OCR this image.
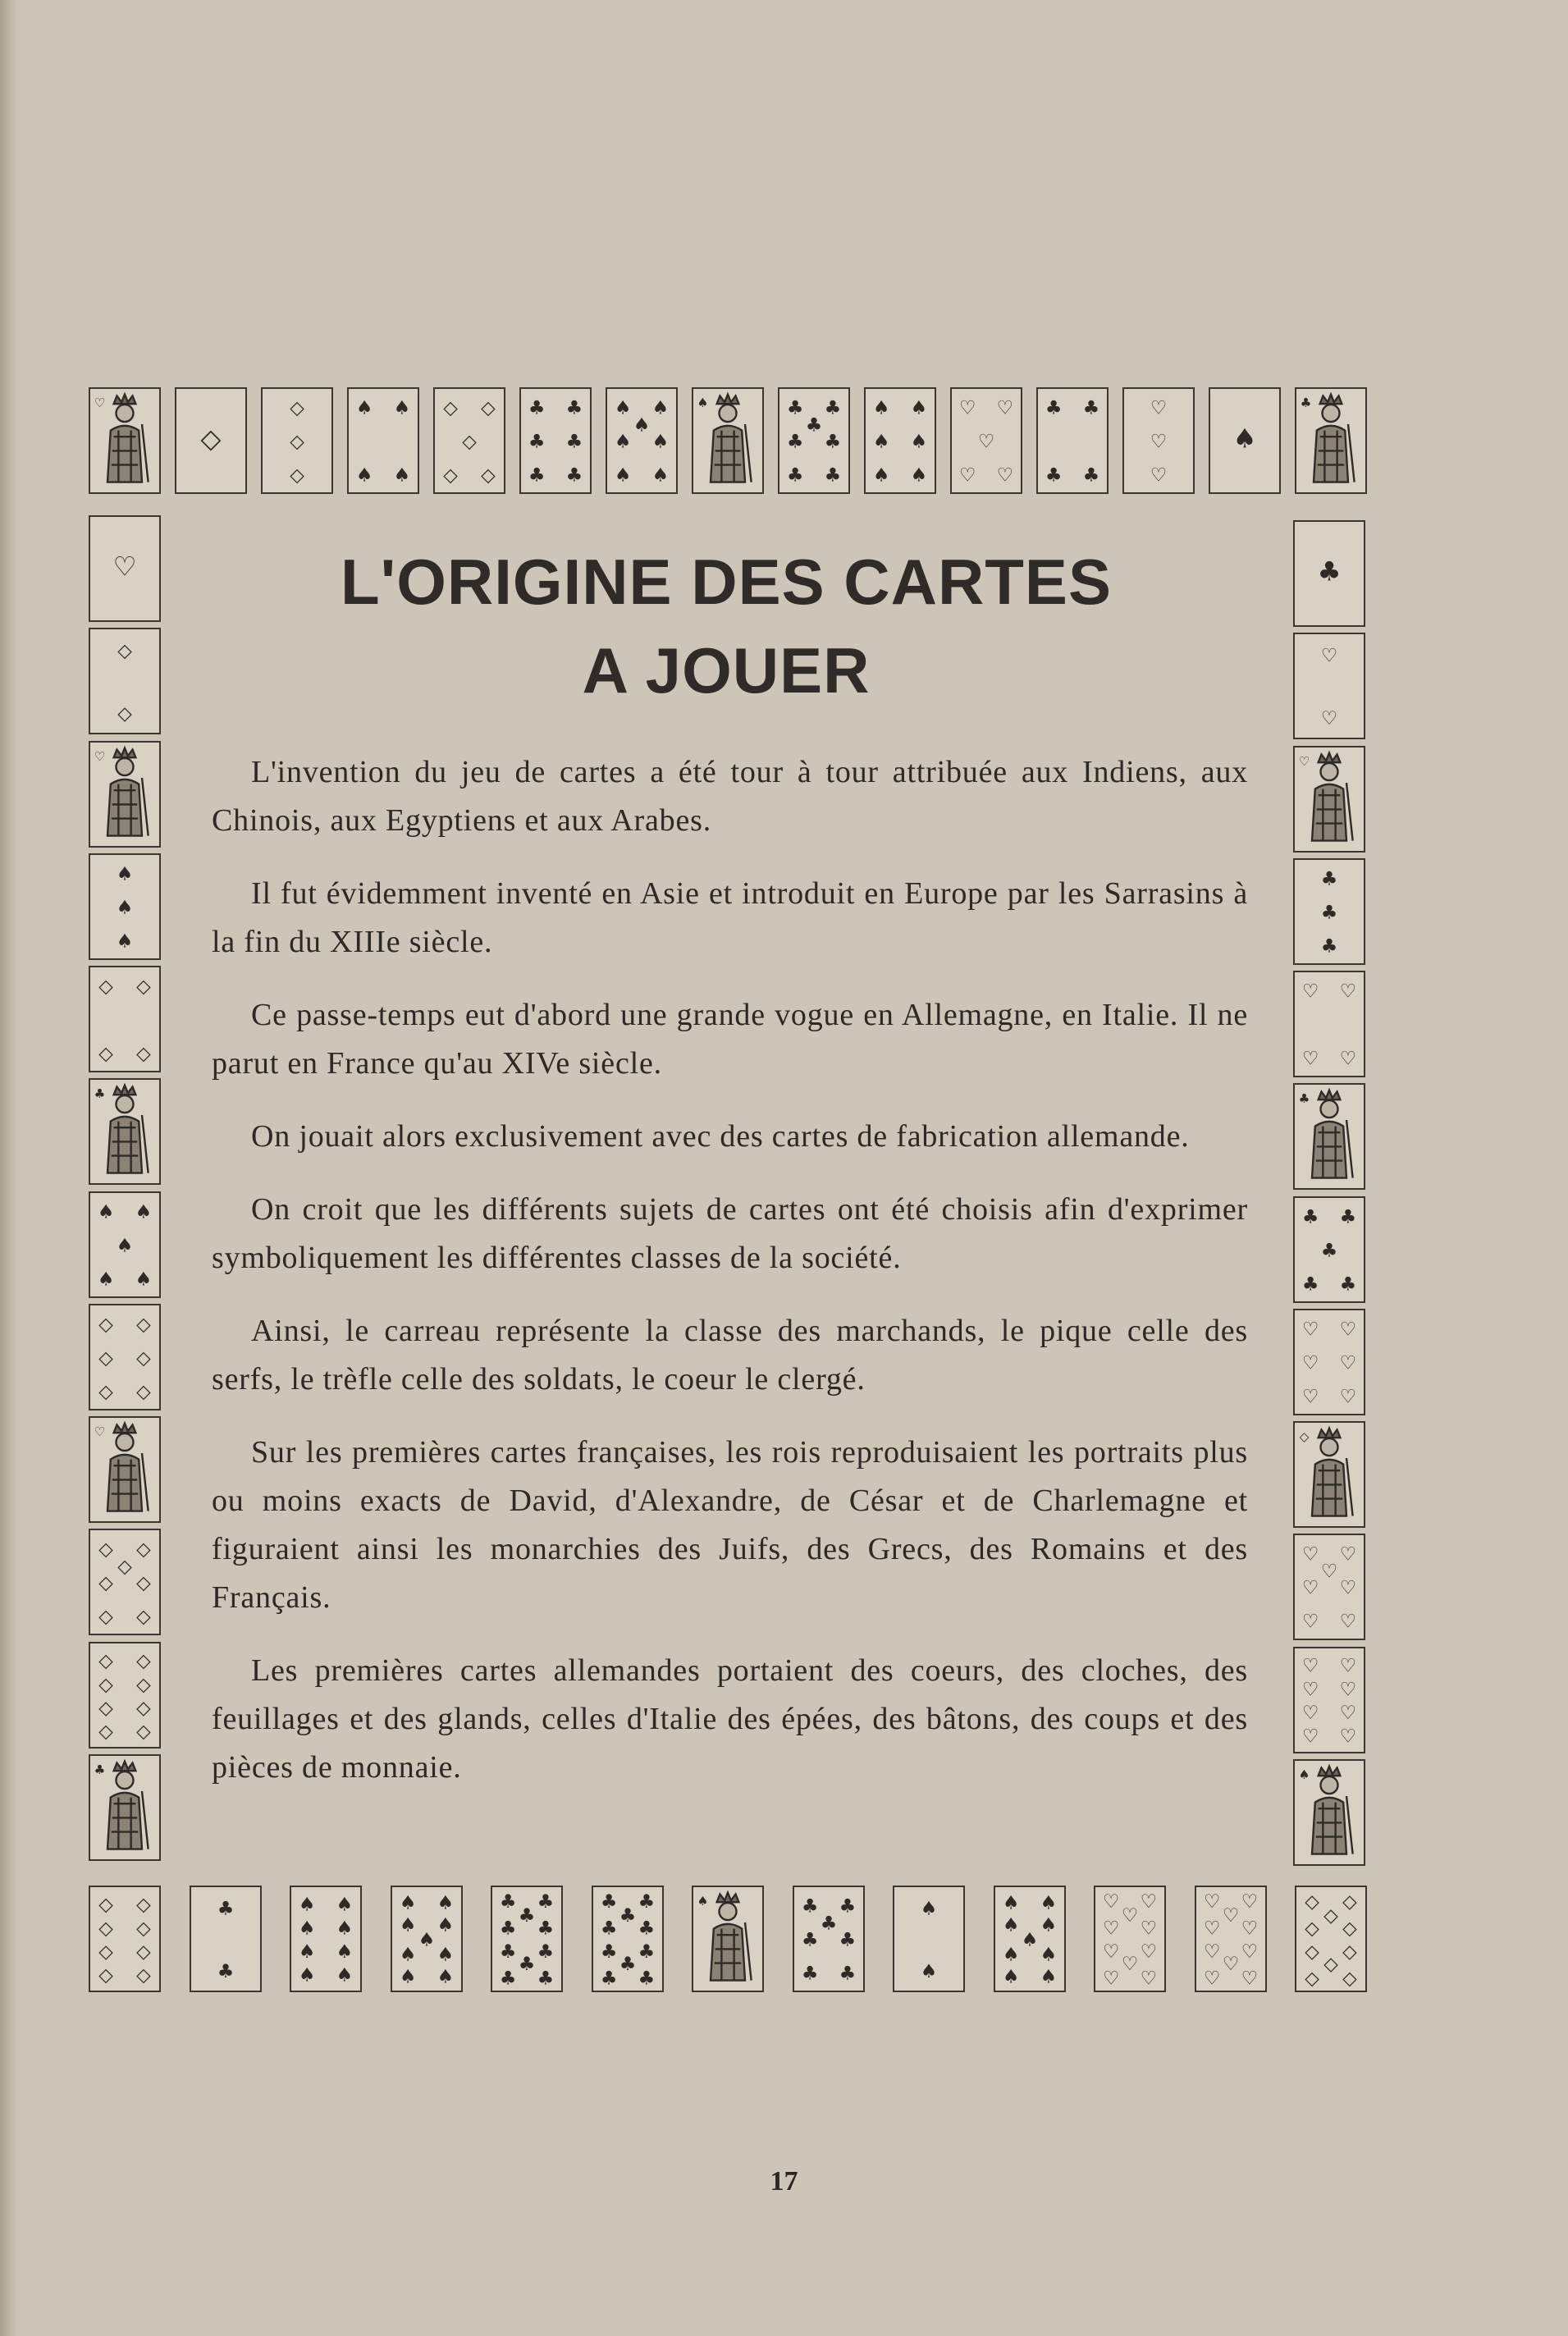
♡
◇
◇
◇
◇
♠ ♠
♠ ♠
◇ ◇
◇
◇ ◇
♣ ♣
♣ ♣
♣ ♣
♠ ♠
♠
♠ ♠
♠ ♠
♠	♣ ♣
♣
♣ ♣
♣ ♣
♠ ♠
♠ ♠
♠ ♠
♡ ♡
♡
♡ ♡
♣ ♣
♣ ♣
♡
♡
♡
♠
♣
◇ ◇
◇ ◇
◇ ◇
◇ ◇
♣
♣
♠ ♠
♠ ♠
♠ ♠
♠ ♠
♠ ♠
♠ ♠
♠
♠ ♠
♠ ♠
♣ ♣
♣
♣ ♣
♣ ♣
♣
♣ ♣
♣ ♣
♣
♣ ♣
♣ ♣
♣
♣ ♣
♠	♣ ♣
♣
♣ ♣
♣ ♣
♠
♠
♠ ♠
♠ ♠
♠
♠ ♠
♠ ♠
♡ ♡
♡
♡ ♡
♡ ♡
♡
♡ ♡
♡ ♡
♡
♡ ♡
♡ ♡
♡
♡ ♡
◇ ◇
◇
◇ ◇
◇ ◇
◇
◇ ◇
♡
◇
◇
♡
♠
♠
♠
◇ ◇
◇ ◇
♣
♠ ♠
♠
♠ ♠
◇ ◇
◇ ◇
◇ ◇
♡
◇ ◇
◇
◇ ◇
◇ ◇
◇ ◇
◇ ◇
◇ ◇
◇ ◇
♣
♣
♡
♡
♡
♣
♣
♣
♡ ♡
♡ ♡
♣
♣ ♣
♣
♣ ♣
♡ ♡
♡ ♡
♡ ♡
◇
♡ ♡
♡
♡ ♡
♡ ♡
♡ ♡
♡ ♡
♡ ♡
♡ ♡
♠
L'ORIGINE DES CARTES
A JOUER

L'invention du jeu de cartes a été tour à tour attribuée aux Indiens, aux Chinois, aux Egyptiens et aux Arabes.

Il fut évidemment inventé en Asie et introduit en Europe par les Sarrasins à la fin du XIIIe siècle.

Ce passe-temps eut d'abord une grande vogue en Allemagne, en Italie. Il ne parut en France qu'au XIVe siècle.

On jouait alors exclusivement avec des cartes de fabrication allemande.

On croit que les différents sujets de cartes ont été choisis afin d'exprimer symboliquement les différentes classes de la société.

Ainsi, le carreau représente la classe des marchands, le pique celle des serfs, le trèfle celle des soldats, le coeur le clergé.

Sur les premières cartes françaises, les rois reproduisaient les portraits plus ou moins exacts de David, d'Alexandre, de César et de Charlemagne et figuraient ainsi les monarchies des Juifs, des Grecs, des Romains et des Français.

Les premières cartes allemandes portaient des coeurs, des cloches, des feuillages et des glands, celles d'Italie des épées, des bâtons, des coups et des pièces de monnaie.

17
